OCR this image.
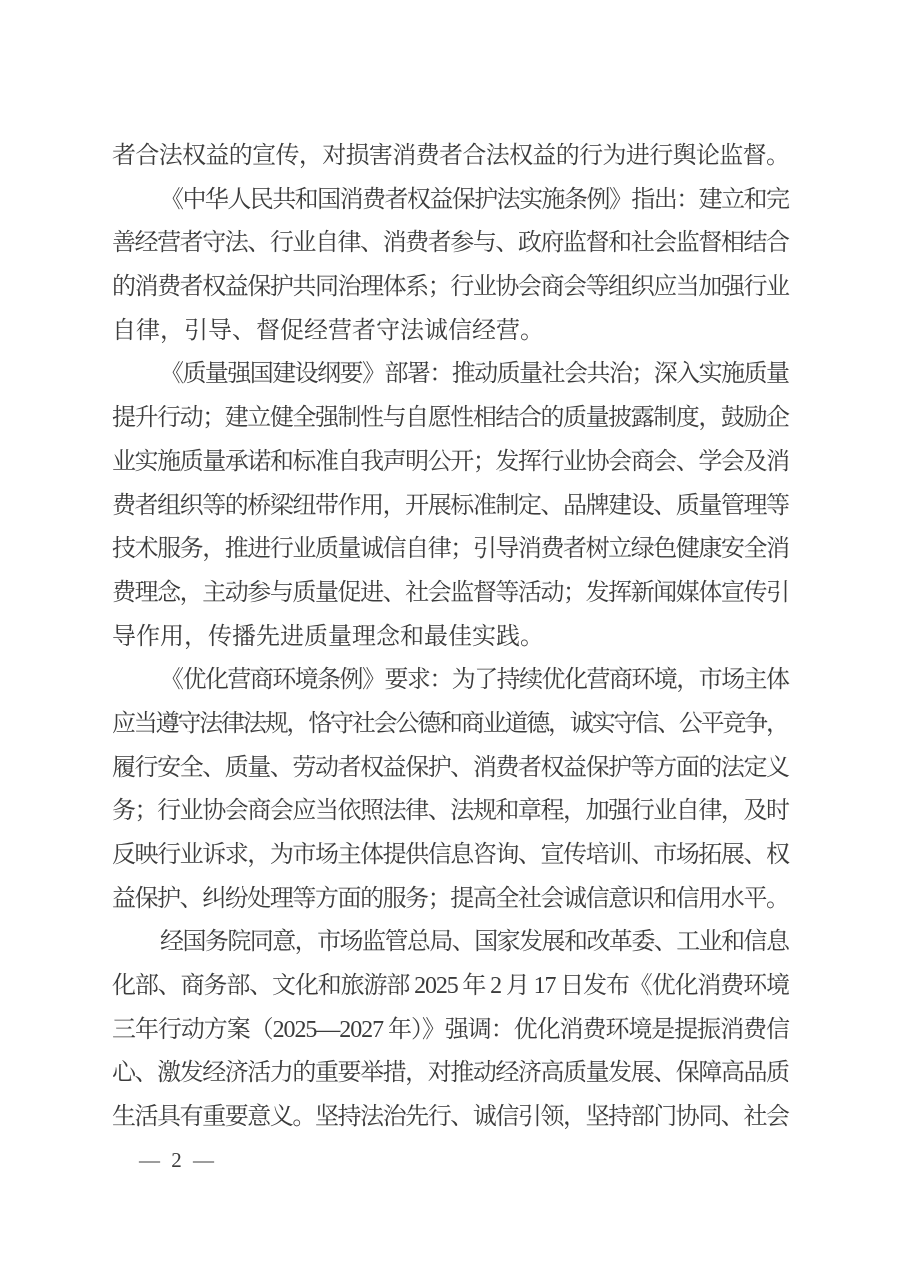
者合法权益的宣传，对损害消费者合法权益的行为进行舆论监督。

《中华人民共和国消费者权益保护法实施条例》指出：建立和完
善经营者守法、行业自律、消费者参与、政府监督和社会监督相结合
的消费者权益保护共同治理体系；行业协会商会等组织应当加强行业
自律，引导、督促经营者守法诚信经营。

《质量强国建设纲要》部署：推动质量社会共治；深入实施质量
提升行动；建立健全强制性与自愿性相结合的质量披露制度，鼓励企
业实施质量承诺和标准自我声明公开；发挥行业协会商会、学会及消
费者组织等的桥梁纽带作用，开展标准制定、品牌建设、质量管理等
技术服务，推进行业质量诚信自律；引导消费者树立绿色健康安全消
费理念，主动参与质量促进、社会监督等活动；发挥新闻媒体宣传引
导作用，传播先进质量理念和最佳实践。

《优化营商环境条例》要求：为了持续优化营商环境，市场主体
应当遵守法律法规，恪守社会公德和商业道德，诚实守信、公平竞争，
履行安全、质量、劳动者权益保护、消费者权益保护等方面的法定义
务；行业协会商会应当依照法律、法规和章程，加强行业自律，及时
反映行业诉求，为市场主体提供信息咨询、宣传培训、市场拓展、权
益保护、纠纷处理等方面的服务；提高全社会诚信意识和信用水平。

经国务院同意，市场监管总局、国家发展和改革委、工业和信息
化部、商务部、文化和旅游部 2025 年 2 月 17 日发布《优化消费环境
三年行动方案（2025—2027 年）》强调：优化消费环境是提振消费信
心、激发经济活力的重要举措，对推动经济高质量发展、保障高品质
生活具有重要意义。坚持法治先行、诚信引领，坚持部门协同、社会

— 2 —
